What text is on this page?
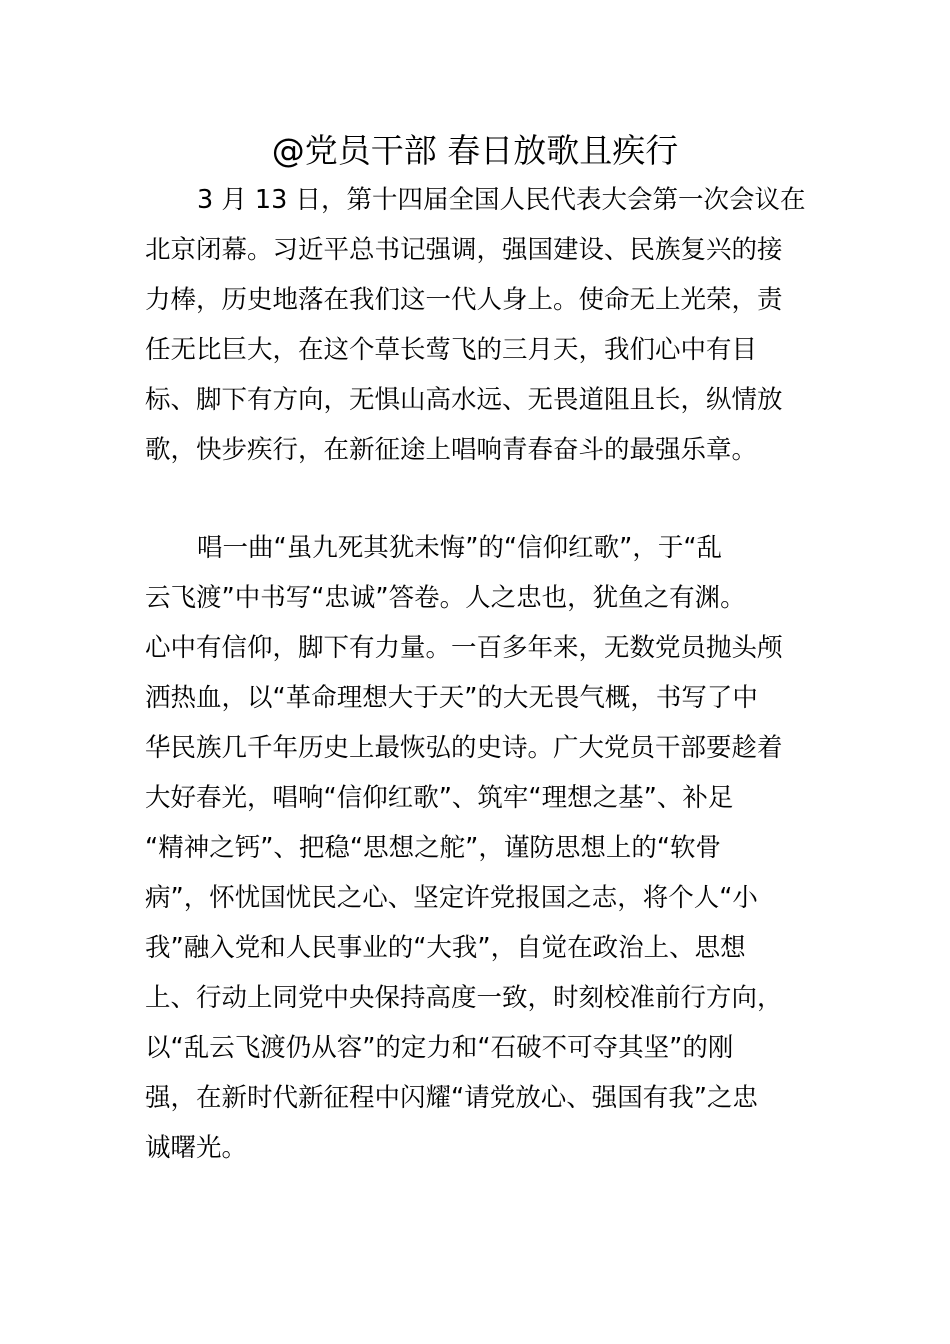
@党员干部 春日放歌且疾行
3 月 13 日，第十四届全国人民代表大会第一次会议在
北京闭幕。习近平总书记强调，强国建设、民族复兴的接
力棒，历史地落在我们这一代人身上。使命无上光荣，责
任无比巨大，在这个草长莺飞的三月天，我们心中有目
标、脚下有方向，无惧山高水远、无畏道阻且长，纵情放
歌，快步疾行，在新征途上唱响青春奋斗的最强乐章。
唱一曲“虽九死其犹未悔”的“信仰红歌”，于“乱
云飞渡”中书写“忠诚”答卷。人之忠也，犹鱼之有渊。
心中有信仰，脚下有力量。一百多年来，无数党员抛头颅
洒热血，以“革命理想大于天”的大无畏气概，书写了中
华民族几千年历史上最恢弘的史诗。广大党员干部要趁着
大好春光，唱响“信仰红歌”、筑牢“理想之基”、补足
“精神之钙”、把稳“思想之舵”，谨防思想上的“软骨
病”，怀忧国忧民之心、坚定许党报国之志，将个人“小
我”融入党和人民事业的“大我”，自觉在政治上、思想
上、行动上同党中央保持高度一致，时刻校准前行方向，
以“乱云飞渡仍从容”的定力和“石破不可夺其坚”的刚
强，在新时代新征程中闪耀“请党放心、强国有我”之忠
诚曙光。
